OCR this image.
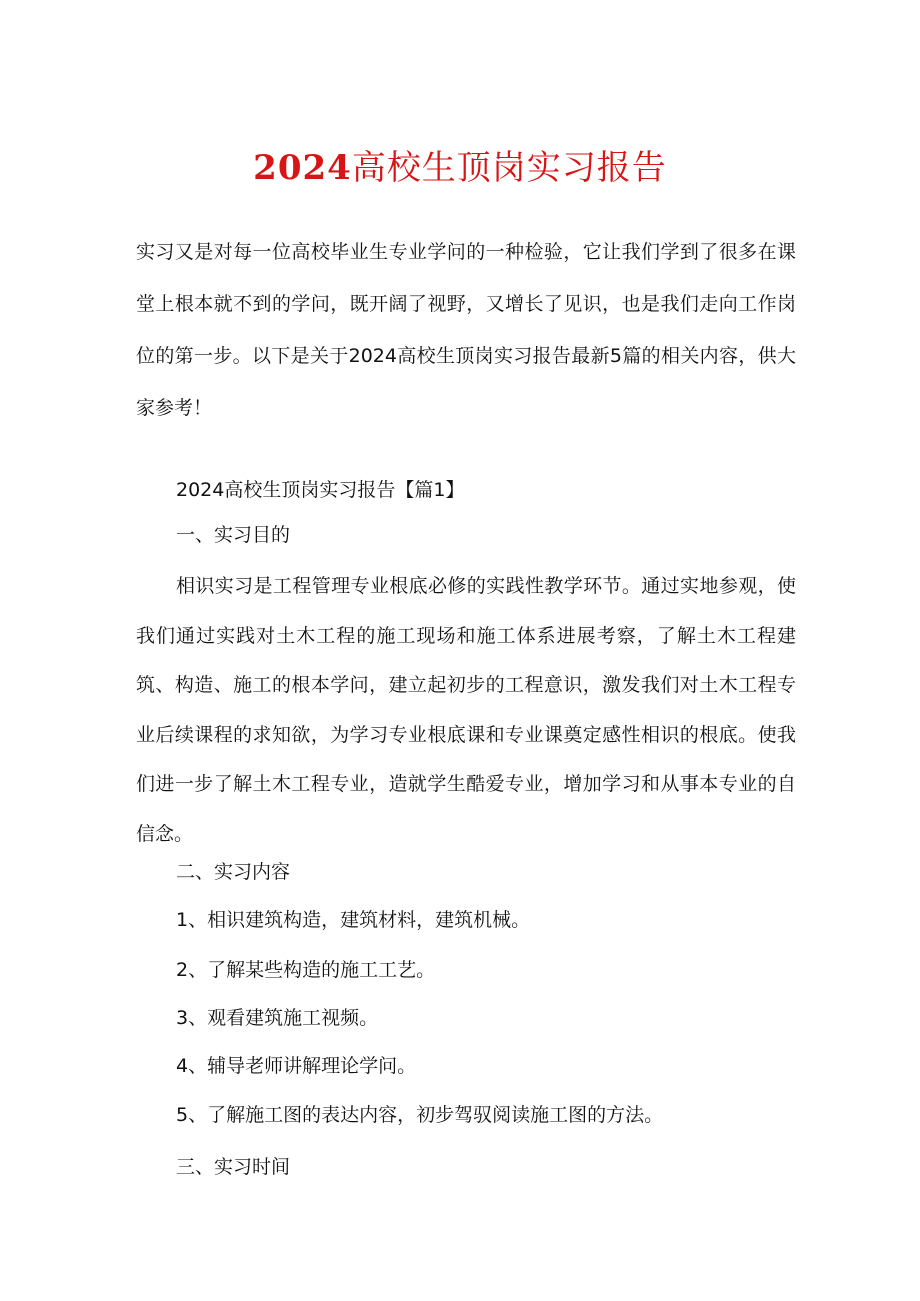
2024高校生顶岗实习报告

实习又是对每一位高校毕业生专业学问的一种检验，它让我们学到了很多在课堂上根本就不到的学问，既开阔了视野，又增长了见识，也是我们走向工作岗位的第一步。以下是关于2024高校生顶岗实习报告最新5篇的相关内容，供大家参考！

2024高校生顶岗实习报告【篇1】

一、实习目的

相识实习是工程管理专业根底必修的实践性教学环节。通过实地参观，使我们通过实践对土木工程的施工现场和施工体系进展考察，了解土木工程建筑、构造、施工的根本学问，建立起初步的工程意识，激发我们对土木工程专业后续课程的求知欲，为学习专业根底课和专业课奠定感性相识的根底。使我们进一步了解土木工程专业，造就学生酷爱专业，增加学习和从事本专业的自信念。

二、实习内容

1、相识建筑构造，建筑材料，建筑机械。

2、了解某些构造的施工工艺。

3、观看建筑施工视频。

4、辅导老师讲解理论学问。

5、了解施工图的表达内容，初步驾驭阅读施工图的方法。

三、实习时间
